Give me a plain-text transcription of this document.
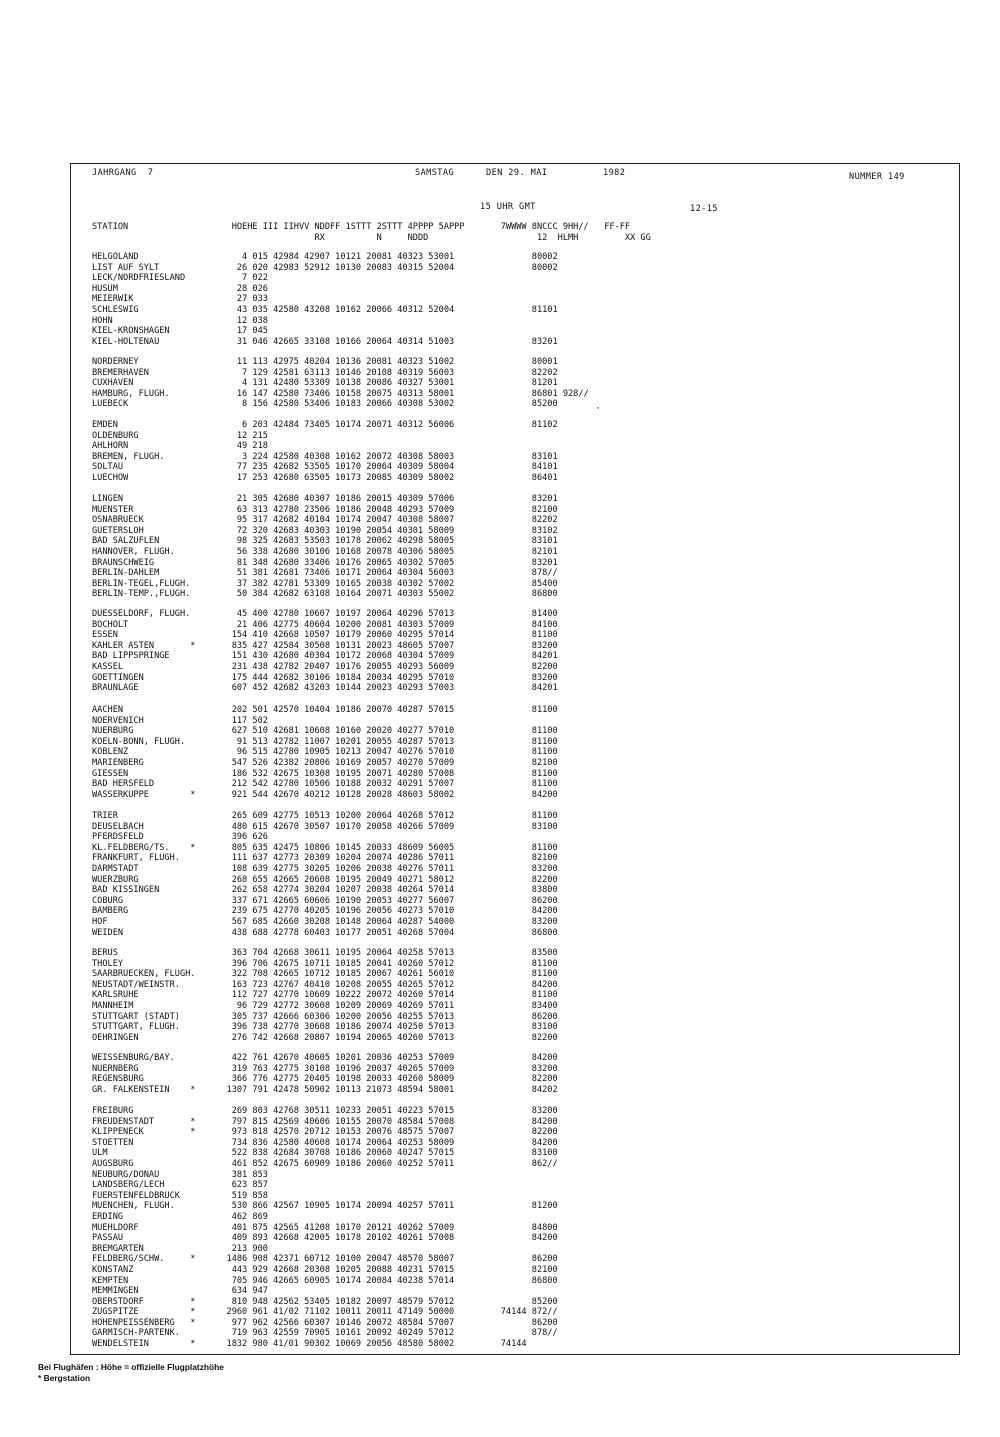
JAHRGANG  7	SAMSTAG	DEN 29. MAI	1982	NUMMER 149
15 UHR GMT	12-15
STATION                    HOEHE III IIHVV NDDFF 1STTT 2STTT 4PPPP 5APPP       7WWWW 8NCCC 9HH//   FF-FF
RX          N     NDDD                     12  HLMH         XX GG
HELGOLAND                    4 015 42984 42907 10121 20081 40323 53001               80002
LIST AUF SYLT               26 020 42983 52912 10130 20083 40315 52004               80002
LECK/NORDFRIESLAND           7 022
HUSUM                       28 026
MEIERWIK                    27 033
SCHLESWIG                   43 035 42580 43208 10162 20066 40312 52004               81101
HOHN                        12 038
KIEL-KRONSHAGEN             17 045
KIEL-HOLTENAU               31 046 42665 33108 10166 20064 40314 51003               83201
NORDERNEY                   11 113 42975 40204 10136 20081 40323 51002               80001
BREMERHAVEN                  7 129 42581 63113 10146 20108 40319 56003               82202
CUXHAVEN                     4 131 42480 53309 10138 20086 40327 53001               81201
HAMBURG, FLUGH.             16 147 42580 73406 10158 20075 40313 58001               86801 928//
LUEBECK                      8 156 42580 53406 10183 20066 40308 53002               85200
EMDEN                        6 203 42484 73405 10174 20071 40312 56006               81102
OLDENBURG                   12 215
AHLHORN                     49 218
BREMEN, FLUGH.               3 224 42580 40308 10162 20072 40308 58003               83101
SOLTAU                      77 235 42682 53505 10170 20064 40309 58004               84101
LUECHOW                     17 253 42680 63505 10173 20085 40309 58002               86401
LINGEN                      21 305 42680 40307 10186 20015 40309 57006               83201
MUENSTER                    63 313 42780 23506 10186 20048 40293 57009               82100
OSNABRUECK                  95 317 42682 40104 10174 20047 40308 58007               82202
GUETERSLOH                  72 320 42683 40303 10190 20054 40301 58009               83102
BAD SALZUFLEN               98 325 42683 53503 10178 20062 40298 58005               83101
HANNOVER, FLUGH.            56 338 42680 30106 10168 20078 40306 58005               82101
BRAUNSCHWEIG                81 348 42680 33406 10176 20065 40302 57005               83201
BERLIN-DAHLEM               51 381 42681 73406 10171 20064 40304 56003               878//
BERLIN-TEGEL,FLUGH.         37 382 42781 53309 10165 20038 40302 57002               85400
BERLIN-TEMP.,FLUGH.         50 384 42682 63108 10164 20071 40303 55002               86800
DUESSELDORF, FLUGH.         45 400 42780 10607 10197 20064 40296 57013               81400
BOCHOLT                     21 406 42775 40604 10200 20081 40303 57009               84100
ESSEN                      154 410 42668 10507 10179 20060 40295 57014               81100
KAHLER ASTEN       *       835 427 42584 30508 10131 20023 48605 57007               83200
BAD LIPPSPRINGE            151 430 42680 40304 10172 20068 40304 57009               84201
KASSEL                     231 438 42782 20407 10176 20055 40293 56009               82200
GOETTINGEN                 175 444 42682 30106 10184 20034 40295 57010               83200
BRAUNLAGE                  607 452 42682 43203 10144 20023 40293 57003               84201
AACHEN                     202 501 42570 10404 10186 20070 40287 57015               81100
NOERVENICH                 117 502
NUERBURG                   627 510 42681 10608 10160 20020 40277 57010               81100
KOELN-BONN, FLUGH.          91 513 42782 11007 10201 20055 40287 57013               81100
KOBLENZ                     96 515 42780 10905 10213 20047 40276 57010               81100
MARIENBERG                 547 526 42382 20806 10169 20057 40270 57009               82100
GIESSEN                    186 532 42675 10308 10195 20071 40280 57008               81100
BAD HERSFELD               212 542 42780 10506 10188 20032 40291 57007               81100
WASSERKUPPE        *       921 544 42670 40212 10128 20028 48603 58002               84200
TRIER                      265 609 42775 10513 10200 20064 40268 57012               81100
DEUSELBACH                 480 615 42670 30507 10170 20058 40266 57009               83100
PFERDSFELD                 396 626
KL.FELDBERG/TS.    *       805 635 42475 10806 10145 20033 48609 56005               81100
FRANKFURT, FLUGH.          111 637 42773 20309 10204 20074 40286 57011               82100
DARMSTADT                  108 639 42775 30205 10206 20038 40276 57011               83200
WUERZBURG                  268 655 42665 20608 10195 20049 40271 58012               82200
BAD KISSINGEN              262 658 42774 30204 10207 20038 40264 57014               83800
COBURG                     337 671 42665 60606 10190 20053 40277 56007               86200
BAMBERG                    239 675 42770 40205 10196 20056 40273 57010               84200
HOF                        567 685 42660 30208 10148 20064 40287 54000               83200
WEIDEN                     438 688 42778 60403 10177 20051 40268 57004               86800
BERUS                      363 704 42668 30611 10195 20064 40258 57013               83500
THOLEY                     396 706 42675 10711 10185 20041 40260 57012               81100
SAARBRUECKEN, FLUGH.       322 708 42665 10712 10185 20067 40261 56010               81100
NEUSTADT/WEINSTR.          163 723 42767 40410 10208 20055 40265 57012               84200
KARLSRUHE                  112 727 42770 10609 10222 20072 40260 57014               81100
MANNHEIM                    96 729 42772 30608 10209 20069 40269 57011               83400
STUTTGART (STADT)          305 737 42666 60306 10200 20056 40255 57013               86200
STUTTGART, FLUGH.          396 738 42770 30608 10186 20074 40250 57013               83100
OEHRINGEN                  276 742 42668 20807 10194 20065 40260 57013               82200
WEISSENBURG/BAY.           422 761 42670 40605 10201 20036 40253 57009               84200
NUERNBERG                  319 763 42775 30108 10196 20037 40265 57009               83200
REGENSBURG                 366 776 42775 20405 10198 20033 40260 58009               82200
GR. FALKENSTEIN    *      1307 791 42478 50902 10113 21073 48594 58001               84202
FREIBURG                   269 803 42768 30511 10233 20051 40223 57015               83200
FREUDENSTADT       *       797 815 42569 40606 10155 20070 48584 57008               84200
KLIPPENECK         *       973 818 42570 20712 10153 20076 48575 57007               82200
STOETTEN                   734 836 42580 40608 10174 20064 40253 58009               84200
ULM                        522 838 42684 30708 10186 20060 40247 57015               83100
AUGSBURG                   461 852 42675 60909 10186 20060 40252 57011               862//
NEUBURG/DONAU              381 853
LANDSBERG/LECH             623 857
FUERSTENFELDBRUCK          519 858
MUENCHEN, FLUGH.           530 866 42567 10905 10174 20094 40257 57011               81200
ERDING                     462 869
MUEHLDORF                  401 875 42565 41208 10170 20121 40262 57009               84800
PASSAU                     409 893 42668 42005 10178 20102 40261 57008               84200
BREMGARTEN                 213 900
FELDBERG/SCHW.     *      1486 908 42371 60712 10100 20047 48570 58007               86200
KONSTANZ                   443 929 42668 20308 10205 20088 40231 57015               82100
KEMPTEN                    705 946 42665 60905 10174 20084 40238 57014               86800
MEMMINGEN                  634 947
OBERSTDORF         *       810 948 42562 53405 10182 20097 48579 57012               85200
ZUGSPITZE          *      2960 961 41/02 71102 10011 20011 47149 50000         74144 872//
HOHENPEISSENBERG   *       977 962 42566 60307 10146 20072 48584 57007               86200
GARMISCH-PARTENK.          719 963 42559 70905 10161 20092 40249 57012               878//
WENDELSTEIN        *      1832 980 41/01 90302 10069 20056 48580 58002         74144
,
Bei Flughäfen : Höhe = offizielle Flugplatzhöhe
* Bergstation
